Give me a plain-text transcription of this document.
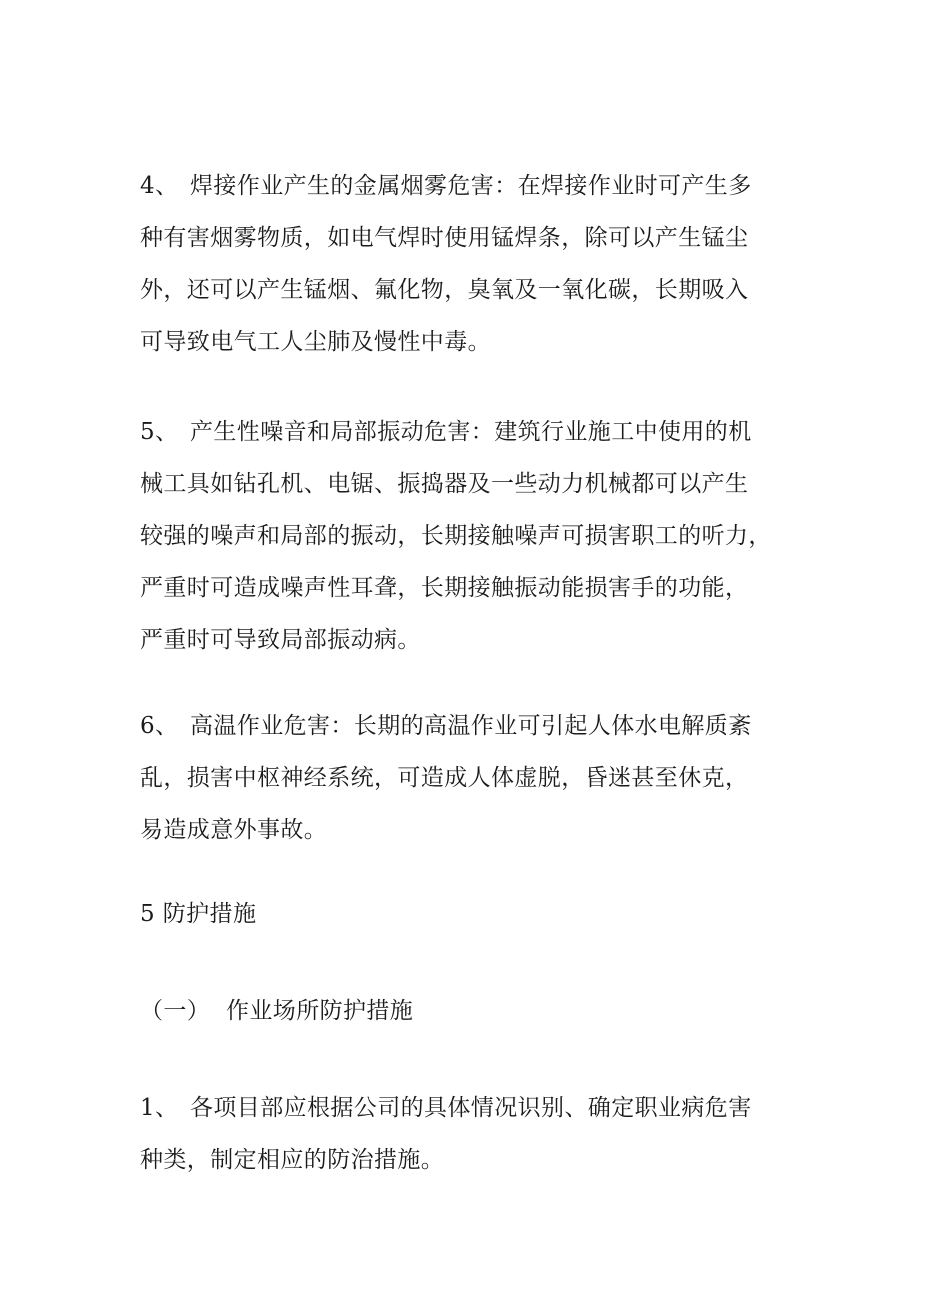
4、 焊接作业产生的金属烟雾危害：在焊接作业时可产生多
种有害烟雾物质，如电气焊时使用锰焊条，除可以产生锰尘
外，还可以产生锰烟、氟化物，臭氧及一氧化碳，长期吸入
可导致电气工人尘肺及慢性中毒。
5、 产生性噪音和局部振动危害：建筑行业施工中使用的机
械工具如钻孔机、电锯、振捣器及一些动力机械都可以产生
较强的噪声和局部的振动，长期接触噪声可损害职工的听力，
严重时可造成噪声性耳聋，长期接触振动能损害手的功能，
严重时可导致局部振动病。
6、 高温作业危害：长期的高温作业可引起人体水电解质紊
乱，损害中枢神经系统，可造成人体虚脱，昏迷甚至休克，
易造成意外事故。
5 防护措施
（一） 作业场所防护措施
1、 各项目部应根据公司的具体情况识别、确定职业病危害
种类，制定相应的防治措施。
